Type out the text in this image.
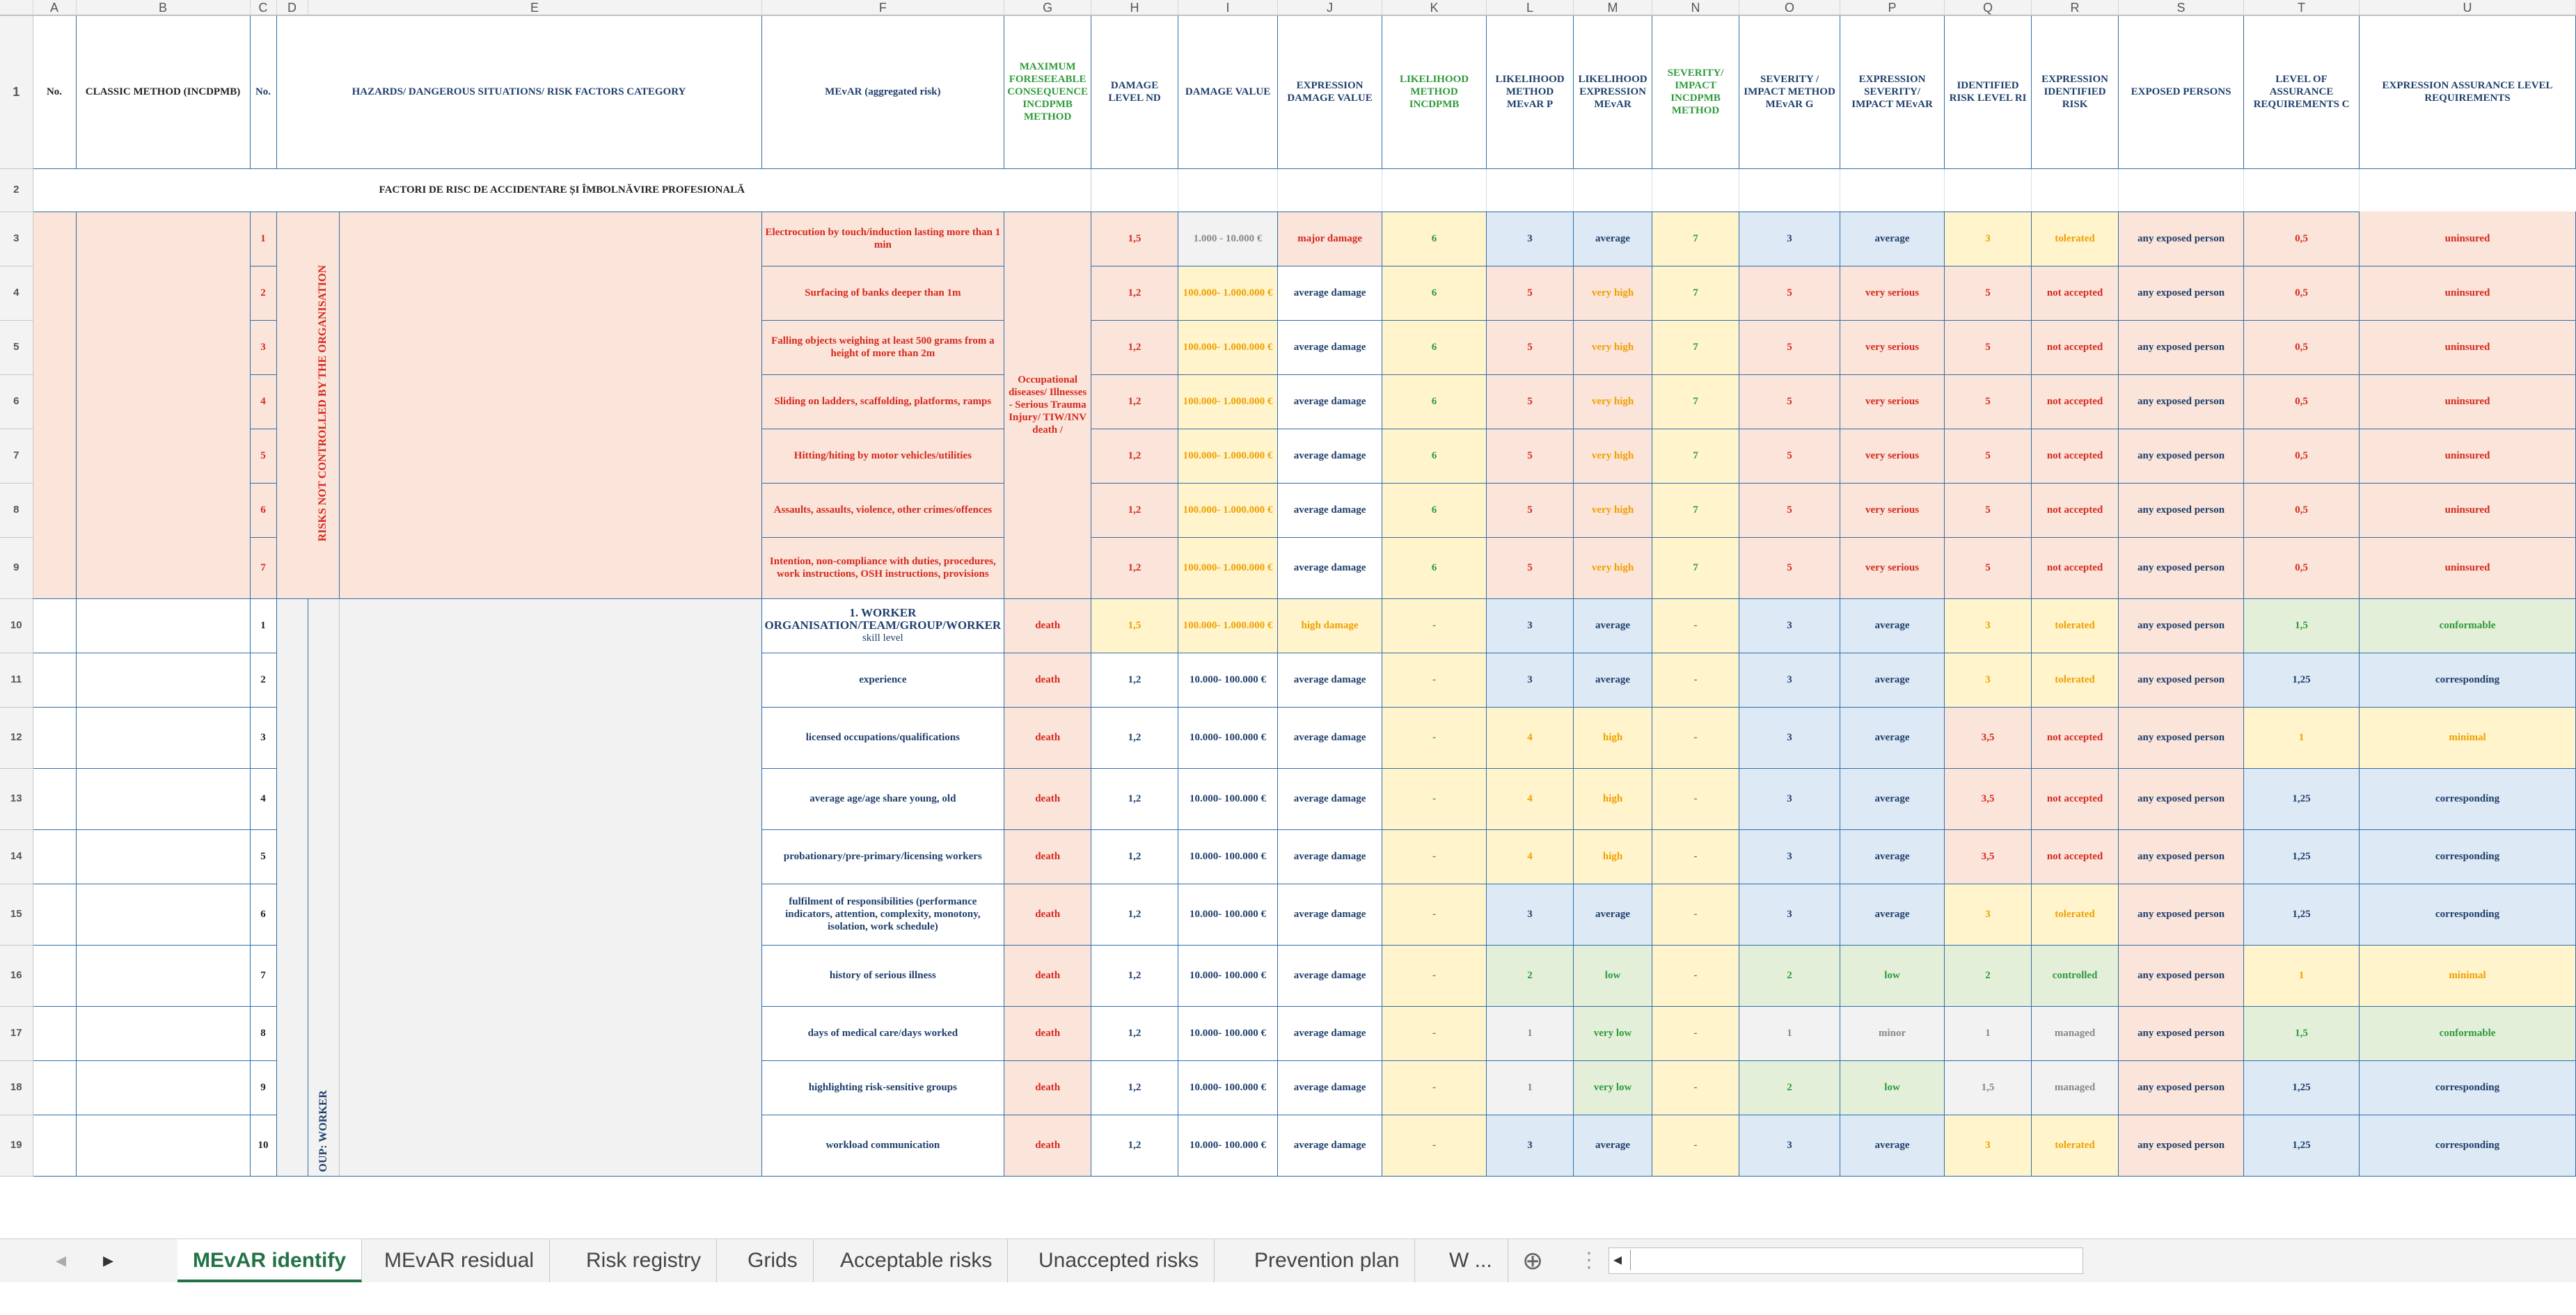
	A	B	C	D	E		F	G	H	I	J	K	L	M	N	O	P	Q	R	S	T	U
1	No.	CLASSIC METHOD (INCDPMB)	No.	HAZARDS/ DANGEROUS SITUATIONS/ RISK FACTORS CATEGORY			MEvAR (aggregated risk)	MAXIMUM FORESEEABLE CONSEQUENCE INCDPMB METHOD	DAMAGE LEVEL ND	DAMAGE VALUE	EXPRESSION DAMAGE VALUE	LIKELIHOOD METHOD INCDPMB	LIKELIHOOD METHOD MEvAR P	LIKELIHOOD EXPRESSION MEvAR	SEVERITY/ IMPACT INCDPMB METHOD	SEVERITY / IMPACT METHOD MEvAR G	EXPRESSION SEVERITY/ IMPACT MEvAR	IDENTIFIED RISK LEVEL RI	EXPRESSION IDENTIFIED RISK	EXPOSED PERSONS	LEVEL OF ASSURANCE REQUIREMENTS C	EXPRESSION ASSURANCE LEVEL REQUIREMENTS
2	FACTORI DE RISC DE ACCIDENTARE ȘI ÎMBOLNĂVIRE PROFESIONALĂ																					
3			1		RISKS NOT CONTROLLED BY THE ORGANISATION		Electrocution by touch/induction lasting more than 1 min	Occupational diseases/ Illnesses - Serious Trauma Injury/ TIW/INV death /	1,5	1.000 - 10.000 €	major damage	6	3	average	7	3	average	3	tolerated	any exposed person	0,5	uninsured
4			2				Surfacing of banks deeper than 1m		1,2	100.000- 1.000.000 €	average damage	6	5	very high	7	5	very serious	5	not accepted	any exposed person	0,5	uninsured
5			3				Falling objects weighing at least 500 grams from a height of more than 2m		1,2	100.000- 1.000.000 €	average damage	6	5	very high	7	5	very serious	5	not accepted	any exposed person	0,5	uninsured
6			4				Sliding on ladders, scaffolding, platforms, ramps		1,2	100.000- 1.000.000 €	average damage	6	5	very high	7	5	very serious	5	not accepted	any exposed person	0,5	uninsured
7			5				Hitting/hiting by motor vehicles/utilities		1,2	100.000- 1.000.000 €	average damage	6	5	very high	7	5	very serious	5	not accepted	any exposed person	0,5	uninsured
8			6				Assaults, assaults, violence, other crimes/offences		1,2	100.000- 1.000.000 €	average damage	6	5	very high	7	5	very serious	5	not accepted	any exposed person	0,5	uninsured
9			7				Intention, non-compliance with duties, procedures, work instructions, OSH instructions, provisions		1,2	100.000- 1.000.000 €	average damage	6	5	very high	7	5	very serious	5	not accepted	any exposed person	0,5	uninsured
10			1		OUP: WORKER		1. WORKER ORGANISATION/TEAM/GROUP/WORKER
skill level	death	1,5	100.000- 1.000.000 €	high damage	-	3	average	-	3	average	3	tolerated	any exposed person	1,5	conformable
11			2				experience	death	1,2	10.000- 100.000 €	average damage	-	3	average	-	3	average	3	tolerated	any exposed person	1,25	corresponding
12			3				licensed occupations/qualifications	death	1,2	10.000- 100.000 €	average damage	-	4	high	-	3	average	3,5	not accepted	any exposed person	1	minimal
13			4				average age/age share young, old	death	1,2	10.000- 100.000 €	average damage	-	4	high	-	3	average	3,5	not accepted	any exposed person	1,25	corresponding
14			5				probationary/pre-primary/licensing workers	death	1,2	10.000- 100.000 €	average damage	-	4	high	-	3	average	3,5	not accepted	any exposed person	1,25	corresponding
15			6				fulfilment of responsibilities (performance indicators, attention, complexity, monotony, isolation, work schedule)	death	1,2	10.000- 100.000 €	average damage	-	3	average	-	3	average	3	tolerated	any exposed person	1,25	corresponding
16			7				history of serious illness	death	1,2	10.000- 100.000 €	average damage	-	2	low	-	2	low	2	controlled	any exposed person	1	minimal
17			8				days of medical care/days worked	death	1,2	10.000- 100.000 €	average damage	-	1	very low	-	1	minor	1	managed	any exposed person	1,5	conformable
18			9				highlighting risk-sensitive groups	death	1,2	10.000- 100.000 €	average damage	-	1	very low	-	2	low	1,5	managed	any exposed person	1,25	corresponding
19			10				workload communication	death	1,2	10.000- 100.000 €	average damage	-	3	average	-	3	average	3	tolerated	any exposed person	1,25	corresponding
◂ ▸	MEvAR identify	MEvAR residual	Risk registry	Grids	Acceptable risks	Unaccepted risks	Prevention plan	W ...	⊕ ⋮ ◂
